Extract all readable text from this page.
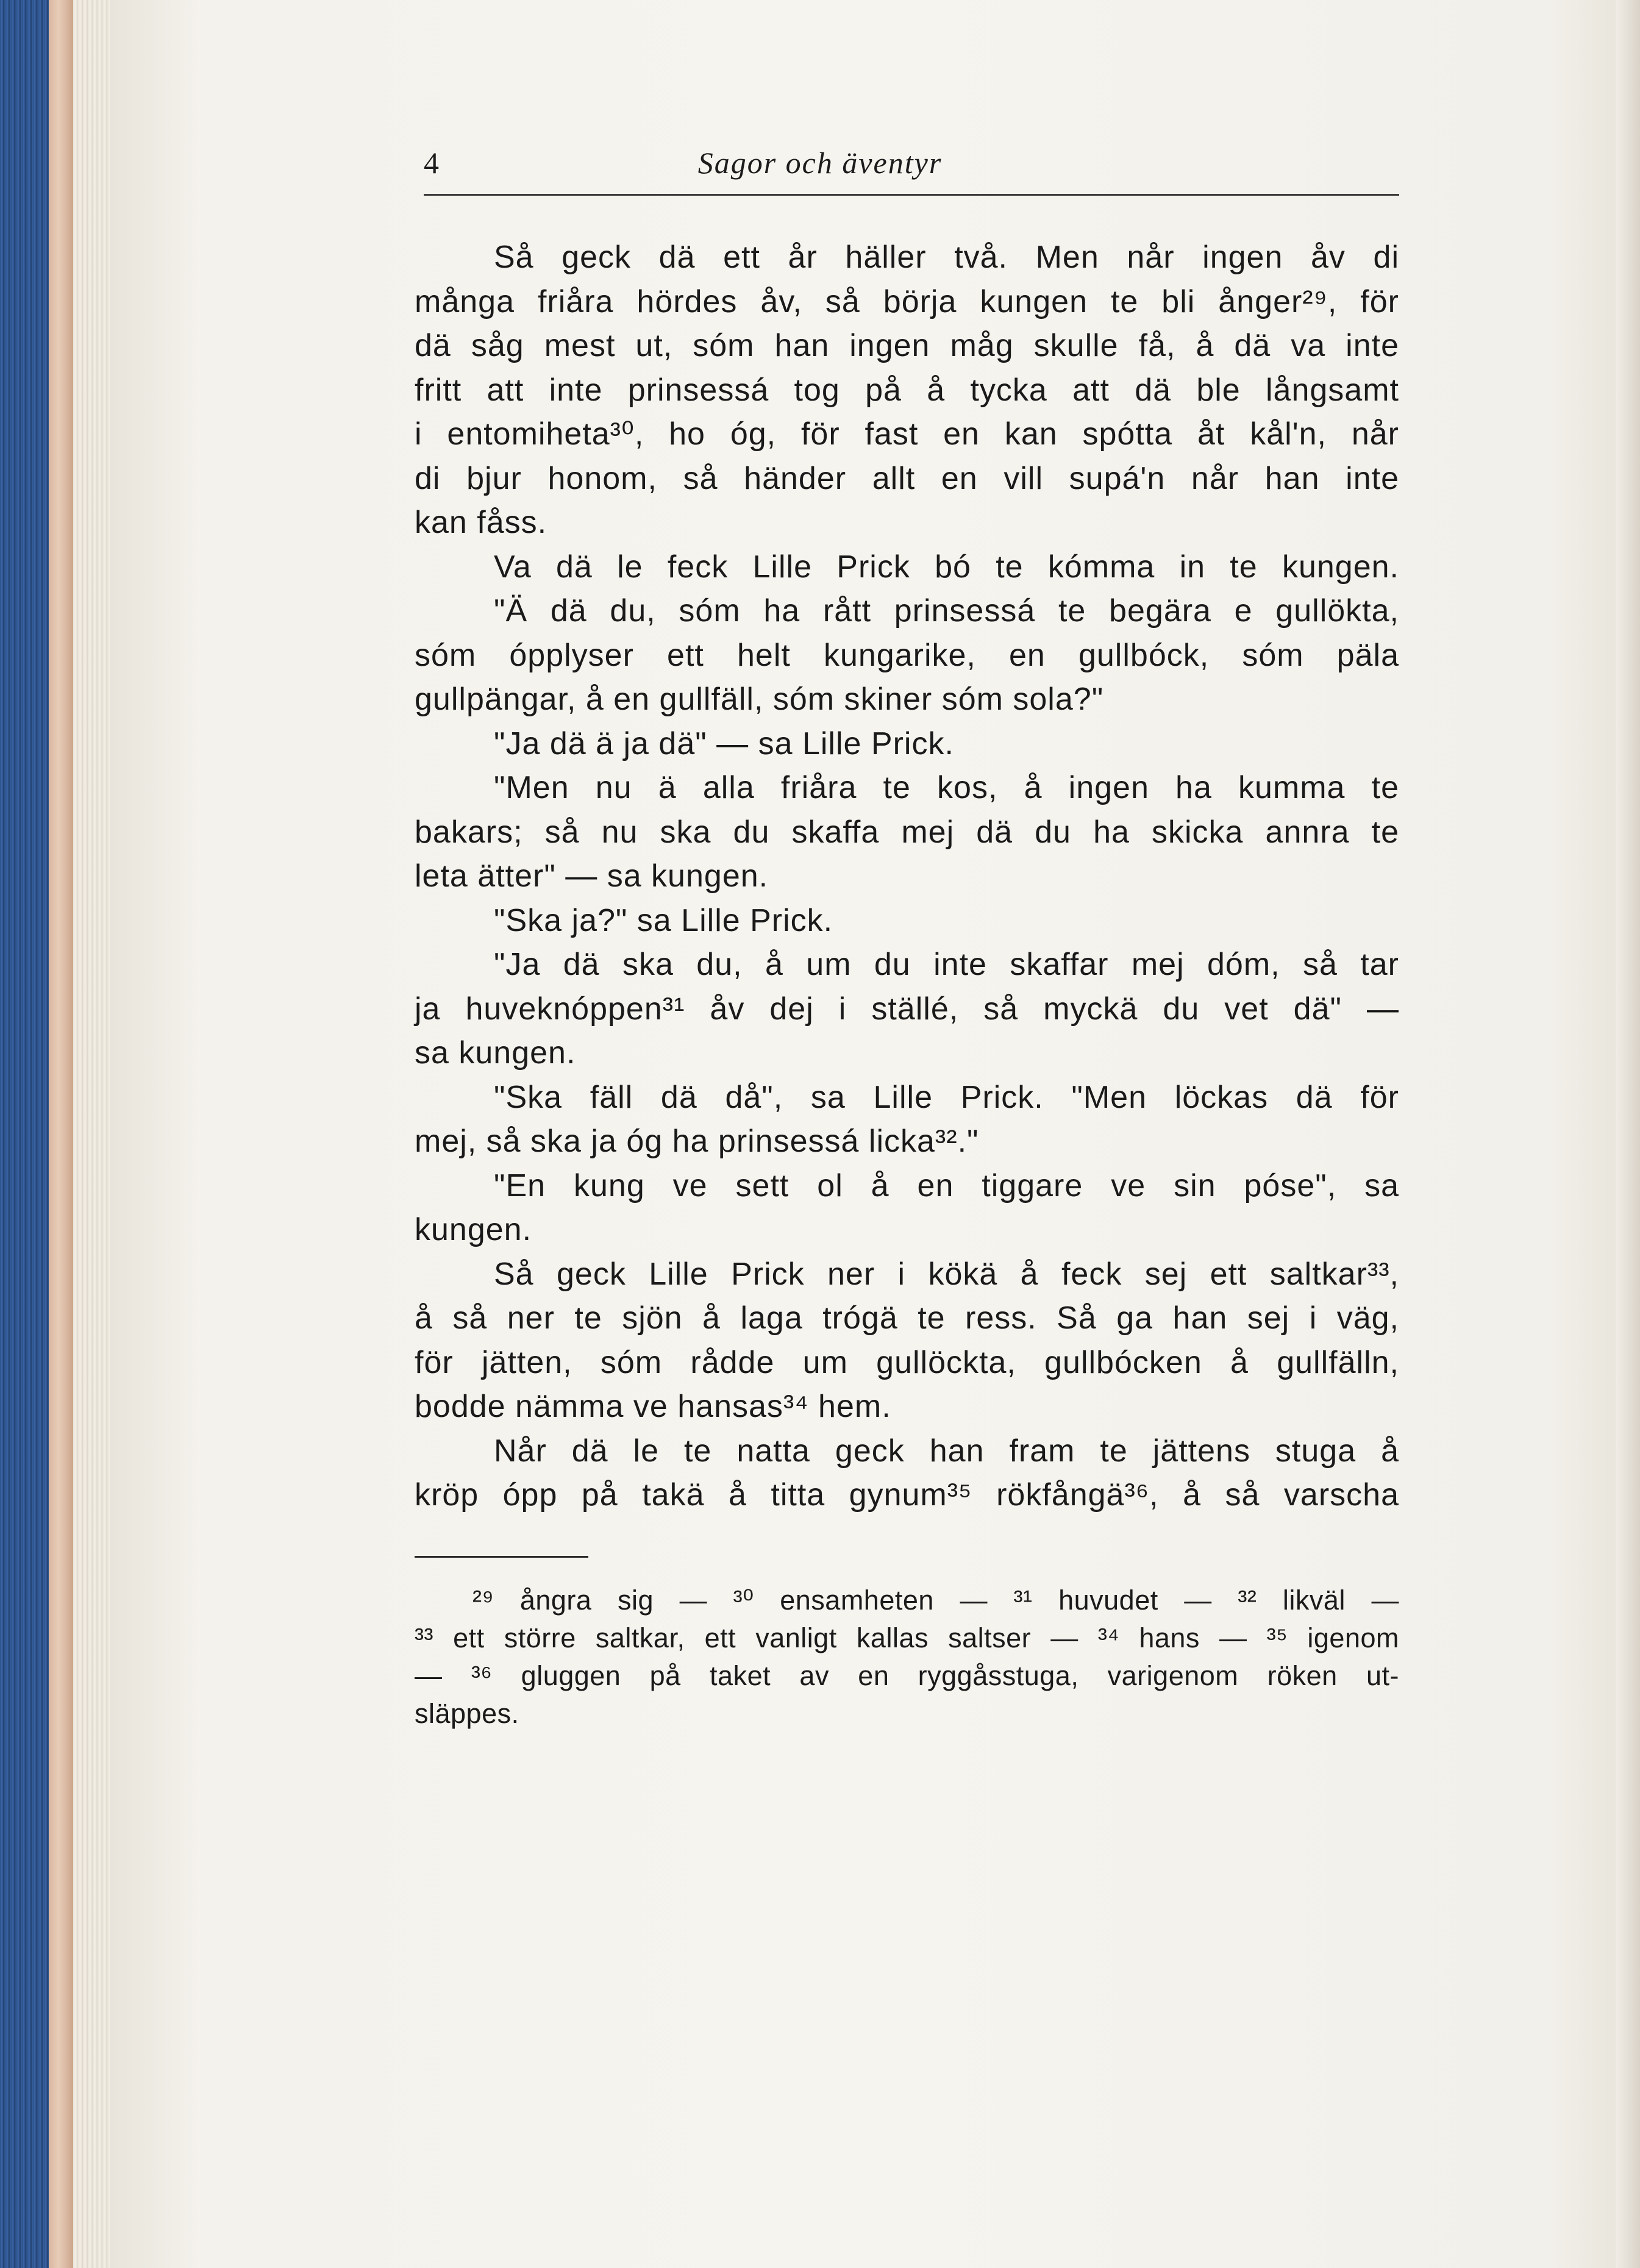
4	Sagor och äventyr
Så geck dä ett år häller två. Men når ingen åv di
många friåra hördes åv, så börja kungen te bli ånger²⁹, för
dä såg mest ut, sóm han ingen måg skulle få, å dä va inte
fritt att inte prinsessá tog på å tycka att dä ble långsamt
i entomiheta³⁰, ho óg, för fast en kan spótta åt kål'n, når
di bjur honom, så händer allt en vill supá'n når han inte
kan fåss.
Va dä le feck Lille Prick bó te kómma in te kungen.
"Ä dä du, sóm ha rått prinsessá te begära e gullökta,
sóm ópplyser ett helt kungarike, en gullbóck, sóm päla
gullpängar, å en gullfäll, sóm skiner sóm sola?"
"Ja dä ä ja dä" — sa Lille Prick.
"Men nu ä alla friåra te kos, å ingen ha kumma te
bakars; så nu ska du skaffa mej dä du ha skicka annra te
leta ätter" — sa kungen.
"Ska ja?" sa Lille Prick.
"Ja dä ska du, å um du inte skaffar mej dóm, så tar
ja huveknóppen³¹ åv dej i ställé, så myckä du vet dä" —
sa kungen.
"Ska fäll dä då", sa Lille Prick. "Men löckas dä för
mej, så ska ja óg ha prinsessá licka³²."
"En kung ve sett ol å en tiggare ve sin póse", sa
kungen.
Så geck Lille Prick ner i kökä å feck sej ett saltkar³³,
å så ner te sjön å laga trógä te ress. Så ga han sej i väg,
för jätten, sóm rådde um gullöckta, gullbócken å gullfälln,
bodde nämma ve hansas³⁴ hem.
Når dä le te natta geck han fram te jättens stuga å
kröp ópp på takä å titta gynum³⁵ rökfångä³⁶, å så varscha
²⁹ ångra sig — ³⁰ ensamheten — ³¹ huvudet — ³² likväl —
³³ ett större saltkar, ett vanligt kallas saltser — ³⁴ hans — ³⁵ igenom
— ³⁶ gluggen på taket av en ryggåsstuga, varigenom röken ut-
släppes.
